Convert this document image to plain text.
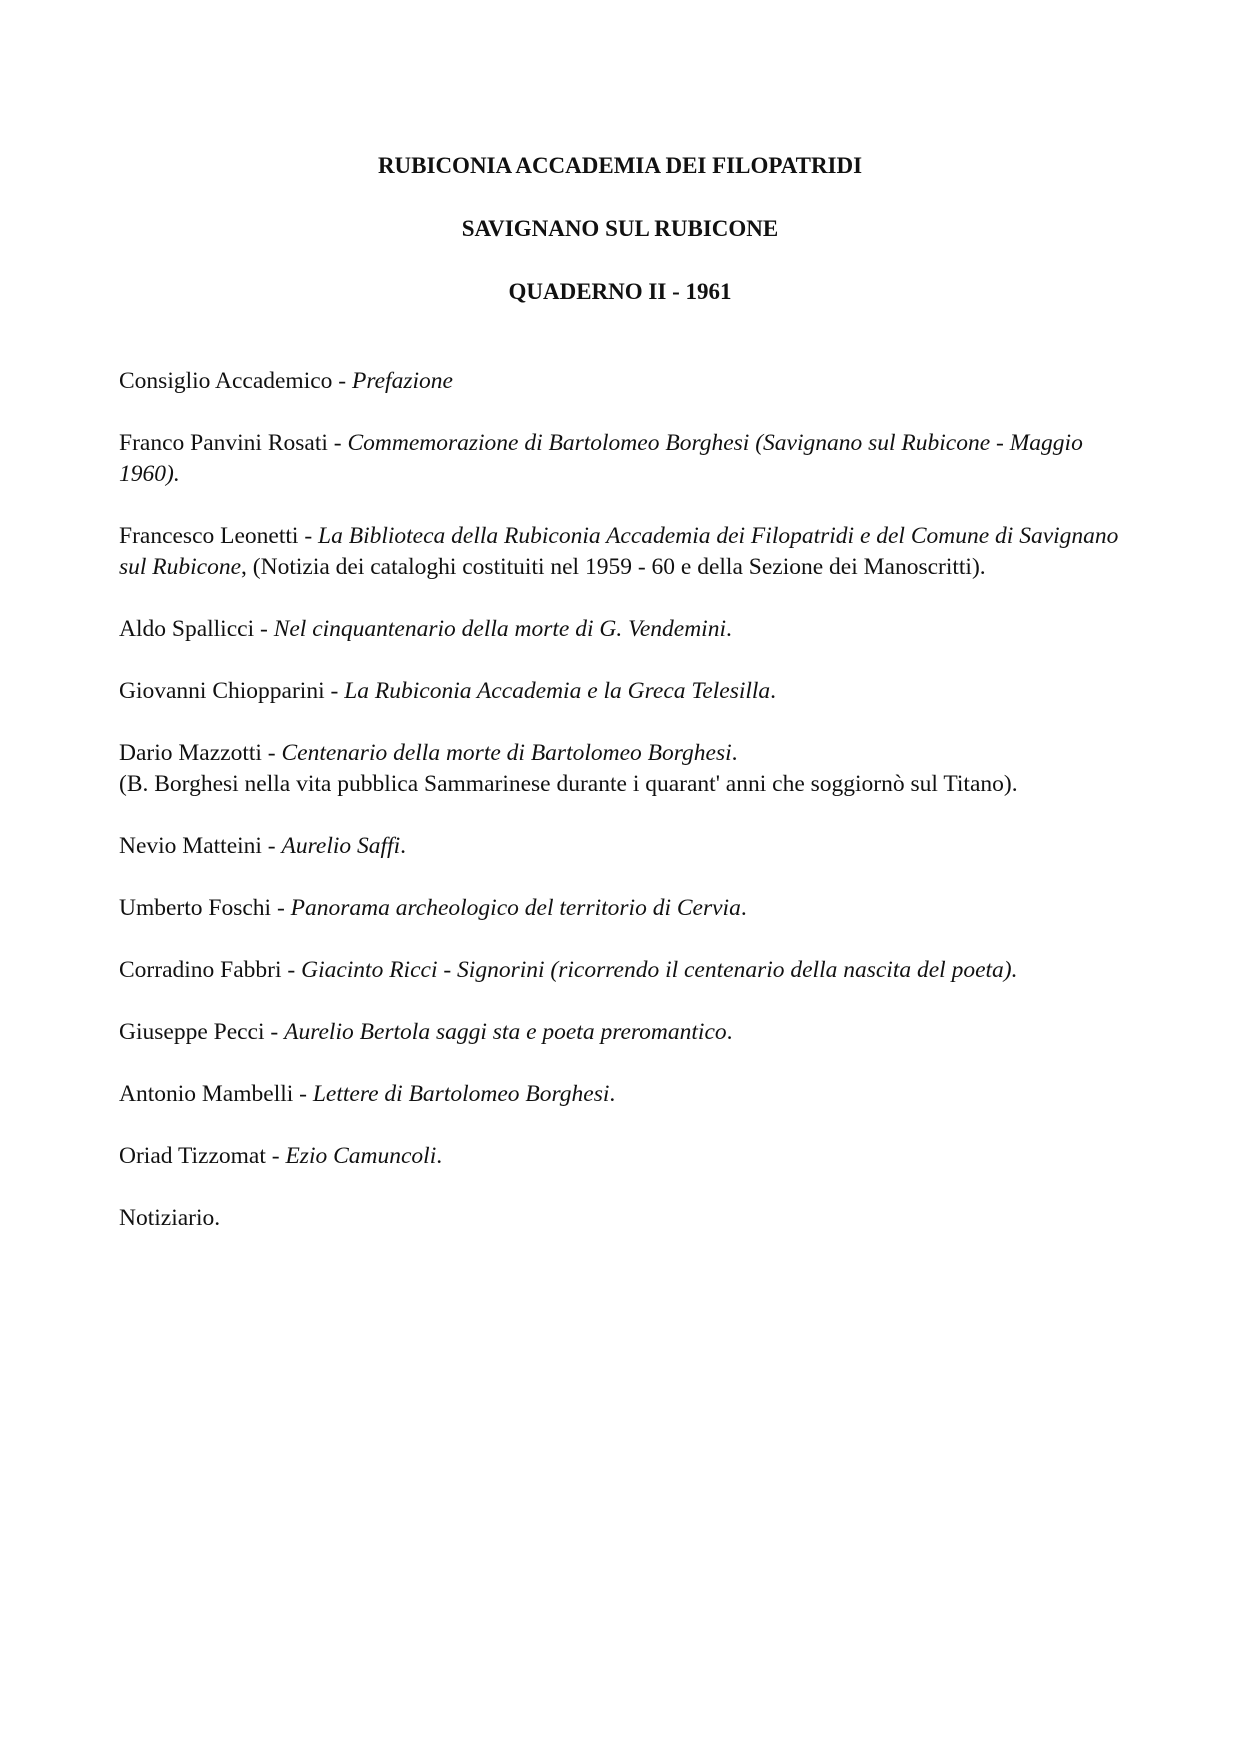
RUBICONIA ACCADEMIA DEI FILOPATRIDI
SAVIGNANO SUL RUBICONE
QUADERNO II - 1961

Consiglio Accademico - Prefazione

Franco Panvini Rosati - Commemorazione di Bartolomeo Borghesi (Savignano sul Rubicone - Maggio 1960).

Francesco Leonetti - La Biblioteca della Rubiconia Accademia dei Filopatridi e del Comune di Savignano sul Rubicone, (Notizia dei cataloghi costituiti nel 1959 - 60 e della Sezione dei Manoscritti).

Aldo Spallicci - Nel cinquantenario della morte di G. Vendemini.

Giovanni Chiopparini - La Rubiconia Accademia e la Greca Telesilla.

Dario Mazzotti - Centenario della morte di Bartolomeo Borghesi.
(B. Borghesi nella vita pubblica Sammarinese durante i quarant' anni che soggiornò sul Titano).

Nevio Matteini - Aurelio Saffi.

Umberto Foschi - Panorama archeologico del territorio di Cervia.

Corradino Fabbri - Giacinto Ricci - Signorini (ricorrendo il centenario della nascita del poeta).

Giuseppe Pecci - Aurelio Bertola saggi sta e poeta preromantico.

Antonio Mambelli - Lettere di Bartolomeo Borghesi.

Oriad Tizzomat - Ezio Camuncoli.

Notiziario.
